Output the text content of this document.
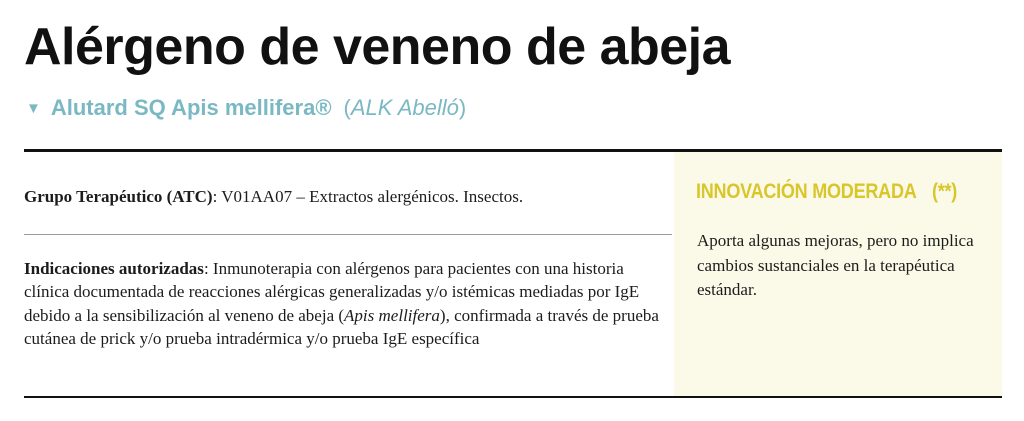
Alérgeno de veneno de abeja
▼ Alutard SQ Apis mellifera® (ALK Abelló)
Grupo Terapéutico (ATC): V01AA07 – Extractos alergénicos. Insectos.
Indicaciones autorizadas: Inmunoterapia con alérgenos para pacientes con una historia clínica documentada de reacciones alérgicas generalizadas y/o istémicas mediadas por IgE debido a la sensibilización al veneno de abeja (Apis mellifera), confirmada a través de prueba cutánea de prick y/o prueba intradérmica y/o prueba IgE específica
INNOVACIÓN MODERADA (**)
Aporta algunas mejoras, pero no implica cambios sustanciales en la terapéutica estándar.
